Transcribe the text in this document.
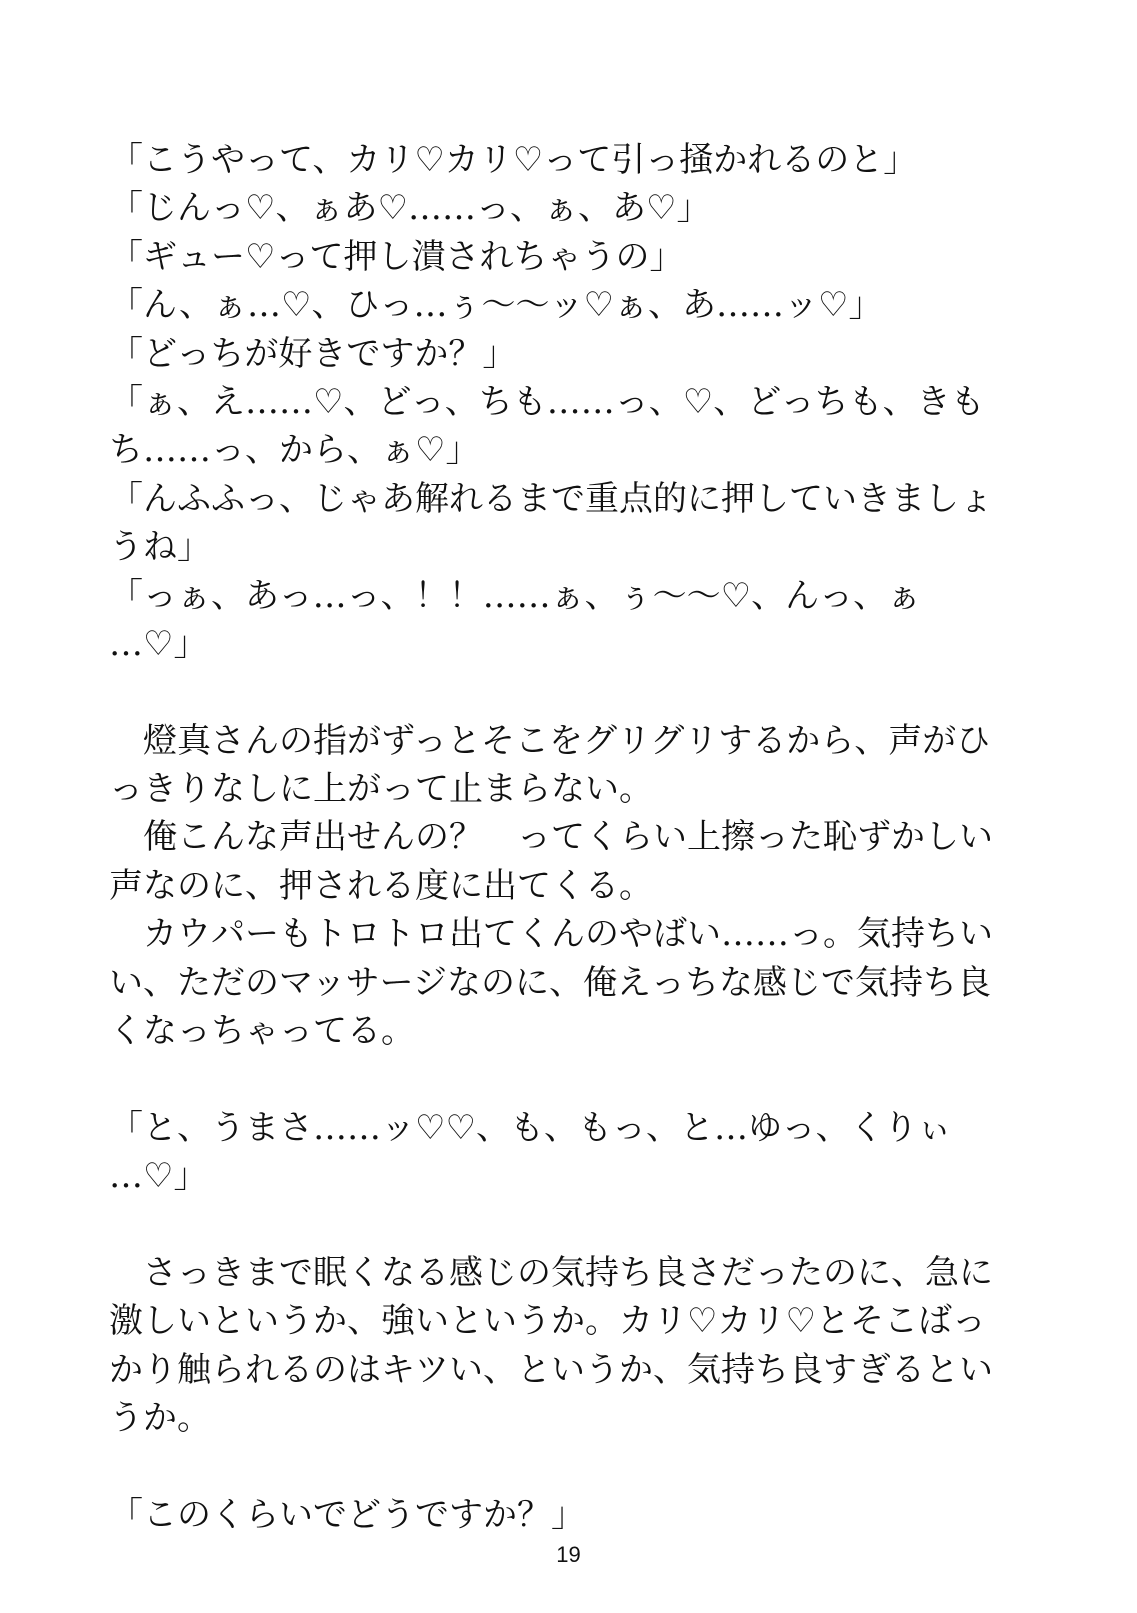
「こうやって、カリ♡カリ♡って引っ掻かれるのと」
「じんっ♡、ぁあ♡……っ、ぁ、あ♡」
「ギュー♡って押し潰されちゃうの」
「ん、ぁ…♡、ひっ…ぅ〜〜ッ♡ぁ、あ……ッ♡」
「どっちが好きですか？」
「ぁ、え……♡、どっ、ちも……っ、♡、どっちも、きも
ち……っ、から、ぁ♡」
「んふふっ、じゃあ解れるまで重点的に押していきましょ
うね」
「っぁ、あっ…っ、！！……ぁ、ぅ〜〜♡、んっ、ぁ
…♡」
　燈真さんの指がずっとそこをグリグリするから、声がひ
っきりなしに上がって止まらない。
　俺こんな声出せんの？　ってくらい上擦った恥ずかしい
声なのに、押される度に出てくる。
　カウパーもトロトロ出てくんのやばい……っ。気持ちい
い、ただのマッサージなのに、俺えっちな感じで気持ち良
くなっちゃってる。
「と、うまさ……ッ♡♡、も、もっ、と…ゆっ、くりぃ
…♡」
　さっきまで眠くなる感じの気持ち良さだったのに、急に
激しいというか、強いというか。カリ♡カリ♡とそこばっ
かり触られるのはキツい、というか、気持ち良すぎるとい
うか。
「このくらいでどうですか？」
19
